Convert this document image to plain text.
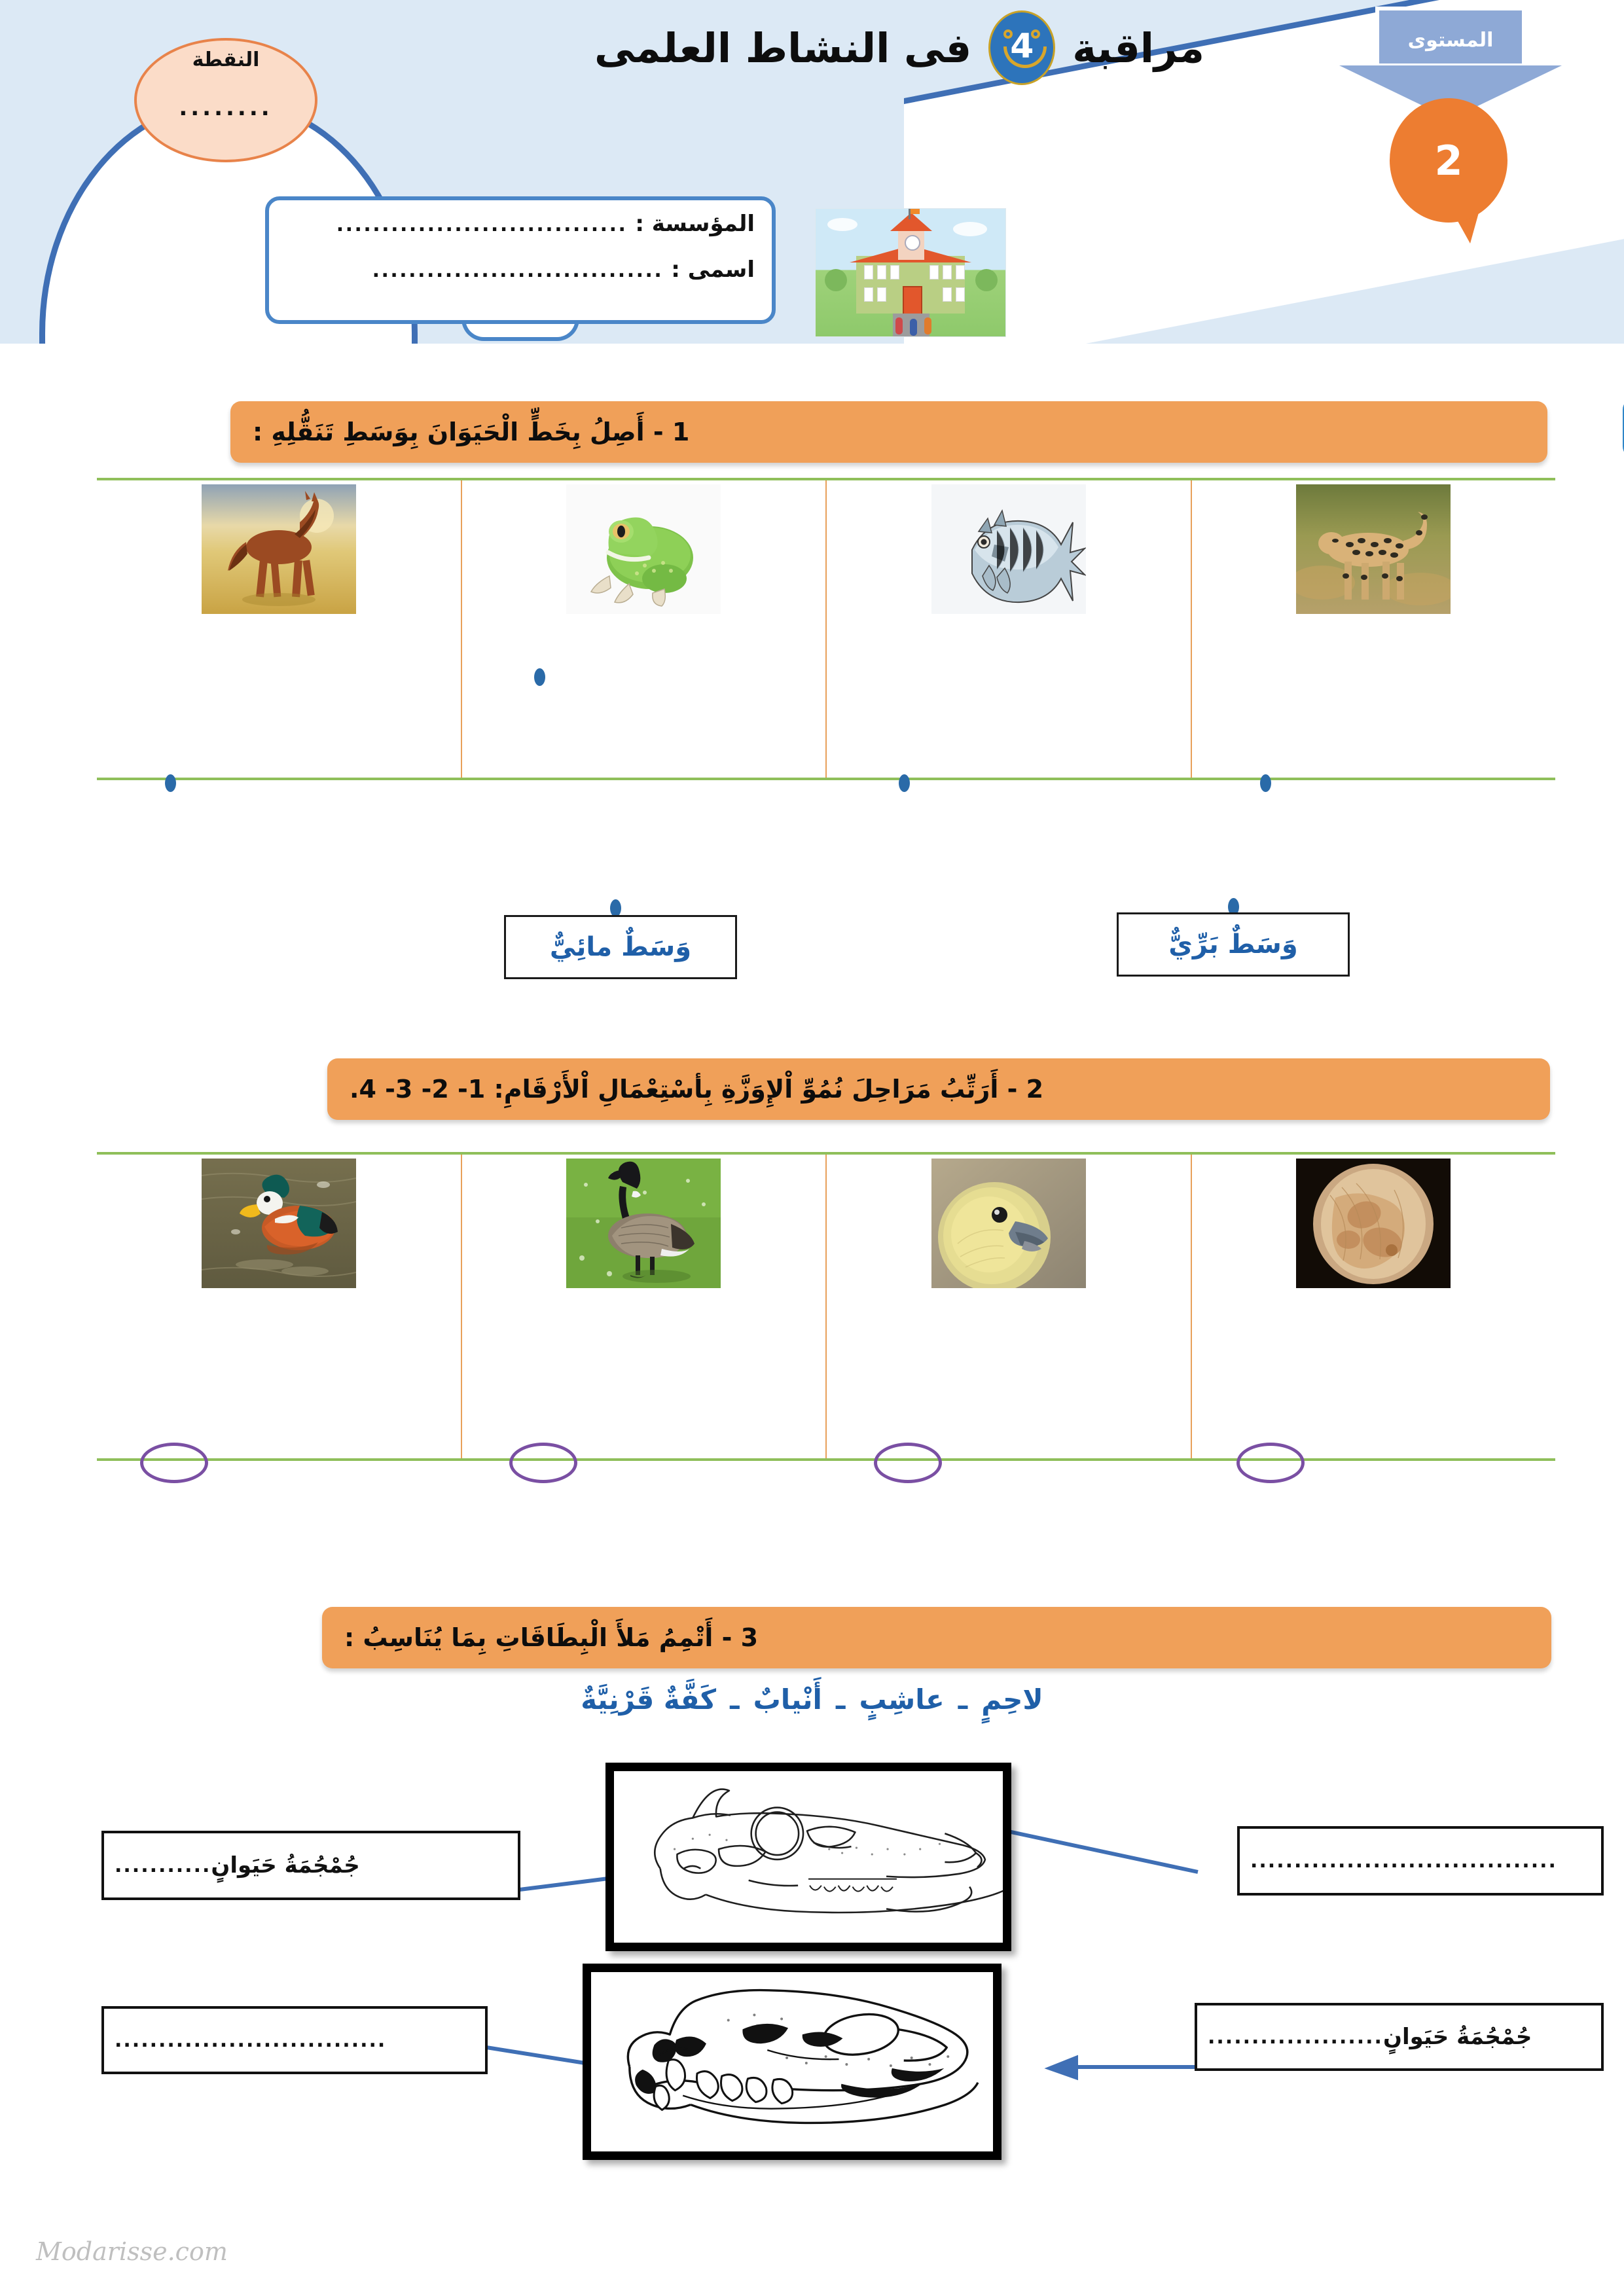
النقطة
........
مراقبة
4
فى النشاط العلمى	المستوى
2
المؤسسة :
................................
اسمى :
................................
1 - أَصِلُ بِخَطٍّ الْحَيَوَانَ بِوَسَطِ تَنَقُّلِهِ :
وَسَطٌ مائِيٌّ	وَسَطٌ بَرِّيٌّ
2 - أَرَتِّبُ مَرَاحِلَ نُمُوِّ اْلإِوَزَّةِ بِأسْتِعْمَالِ اْلأَرْقَامِ: 1- 2- 3- 4.
3 - أَتْمِمُ مَلأَ الْبِطَاقَاتِ بِمَا يُنَاسِبُ :
لاحِمٍ ـ عاشِبٍ ـ أَنْيابٌ ـ كَفَّةٌ قَرْنِيَّةٌ
جُمْجُمَةُ حَيَوانٍ
...........	...................................
...............................	جُمْجُمَةُ حَيَوانٍ
....................
Modarisse.com
